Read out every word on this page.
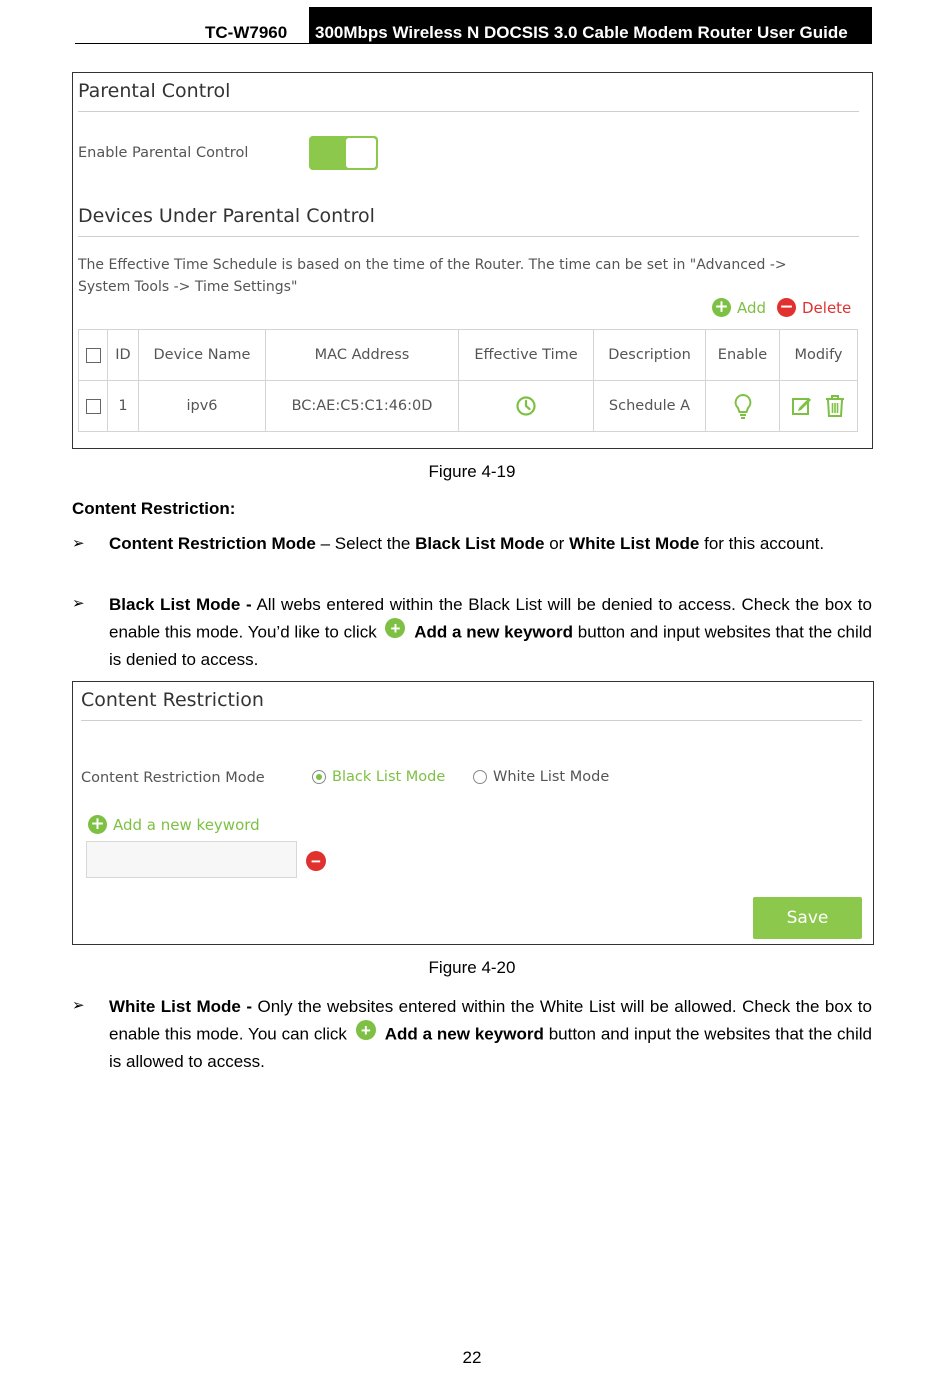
TC-W7960	300Mbps Wireless N DOCSIS 3.0 Cable Modem Router User Guide
Parental Control
Enable Parental Control
Devices Under Parental Control
The Effective Time Schedule is based on the time of the Router. The time can be set in "Advanced ->
System Tools -> Time Settings"
+ Add − Delete
	ID	Device Name	MAC Address	Effective Time	Description	Enable	Modify
	1	ipv6	BC:AE:C5:C1:46:0D		Schedule A		
Figure 4-19
Content Restriction:
➢ Content Restriction Mode – Select the Black List Mode or White List Mode for this account.
➢ Black List Mode - All webs entered within the Black List will be denied to access. Check the box to enable this mode. You’d like to click + Add a new keyword button and input websites that the child is denied to access.
Content Restriction
Content Restriction Mode	Black List Mode	White List Mode
+ Add a new keyword
−
Save
Figure 4-20
➢ White List Mode - Only the websites entered within the White List will be allowed. Check the box to enable this mode. You can click + Add a new keyword button and input the websites that the child is allowed to access.
22
